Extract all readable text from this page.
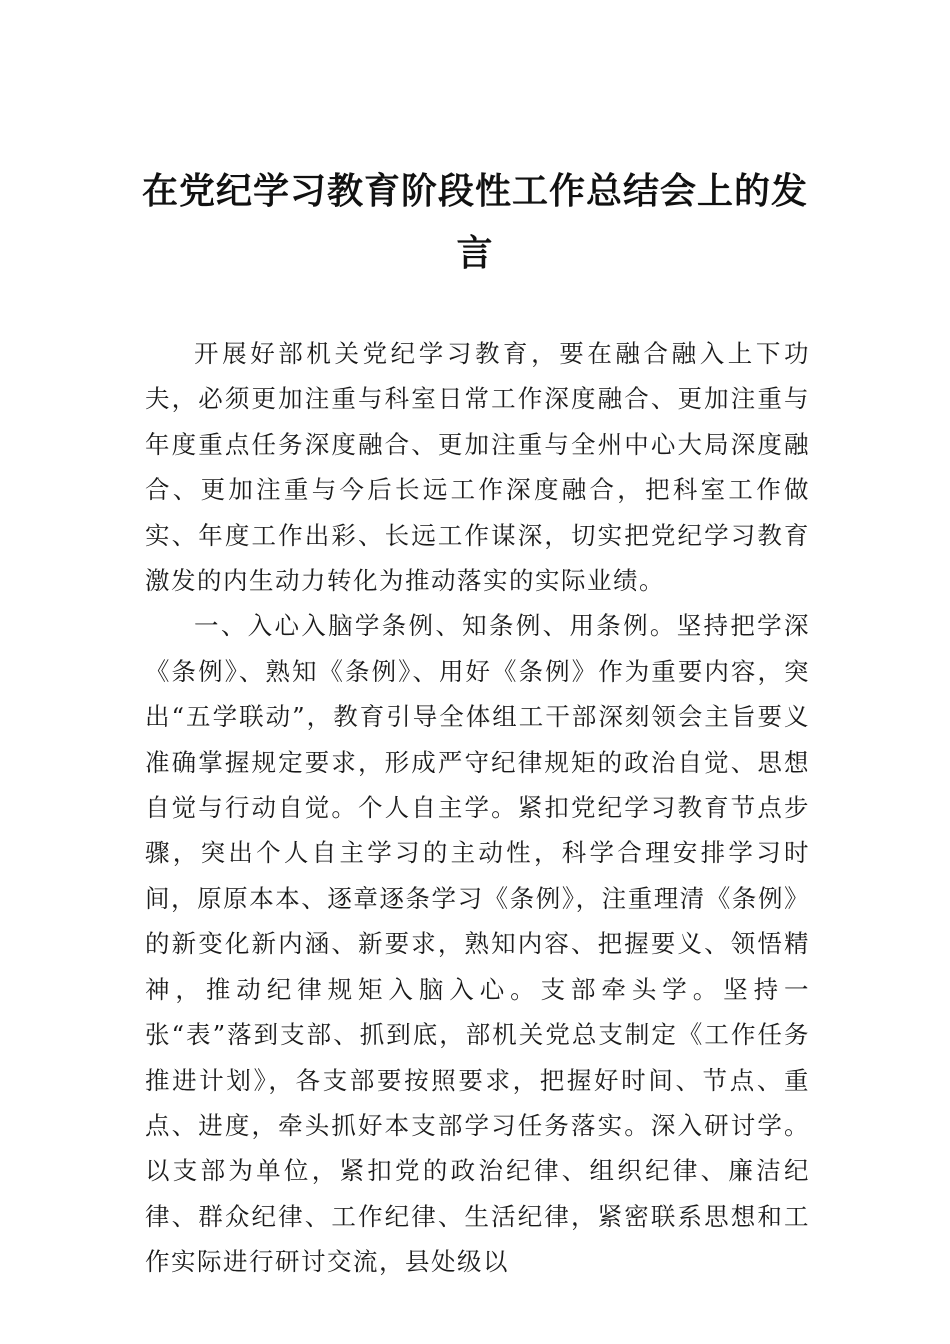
在党纪学习教育阶段性工作总结会上的发言

开展好部机关党纪学习教育，要在融合融入上下功夫，必须更加注重与科室日常工作深度融合、更加注重与年度重点任务深度融合、更加注重与全州中心大局深度融合、更加注重与今后长远工作深度融合，把科室工作做实、年度工作出彩、长远工作谋深，切实把党纪学习教育激发的内生动力转化为推动落实的实际业绩。

一、入心入脑学条例、知条例、用条例。坚持把学深《条例》、熟知《条例》、用好《条例》作为重要内容，突出“五学联动”，教育引导全体组工干部深刻领会主旨要义准确掌握规定要求，形成严守纪律规矩的政治自觉、思想自觉与行动自觉。个人自主学。紧扣党纪学习教育节点步骤，突出个人自主学习的主动性，科学合理安排学习时间，原原本本、逐章逐条学习《条例》，注重理清《条例》的新变化新内涵、新要求，熟知内容、把握要义、领悟精神，推动纪律规矩入脑入心。支部牵头学。坚持一张“表”落到支部、抓到底，部机关党总支制定《工作任务推进计划》，各支部要按照要求，把握好时间、节点、重点、进度，牵头抓好本支部学习任务落实。深入研讨学。以支部为单位，紧扣党的政治纪律、组织纪律、廉洁纪律、群众纪律、工作纪律、生活纪律，紧密联系思想和工作实际进行研讨交流，县处级以
